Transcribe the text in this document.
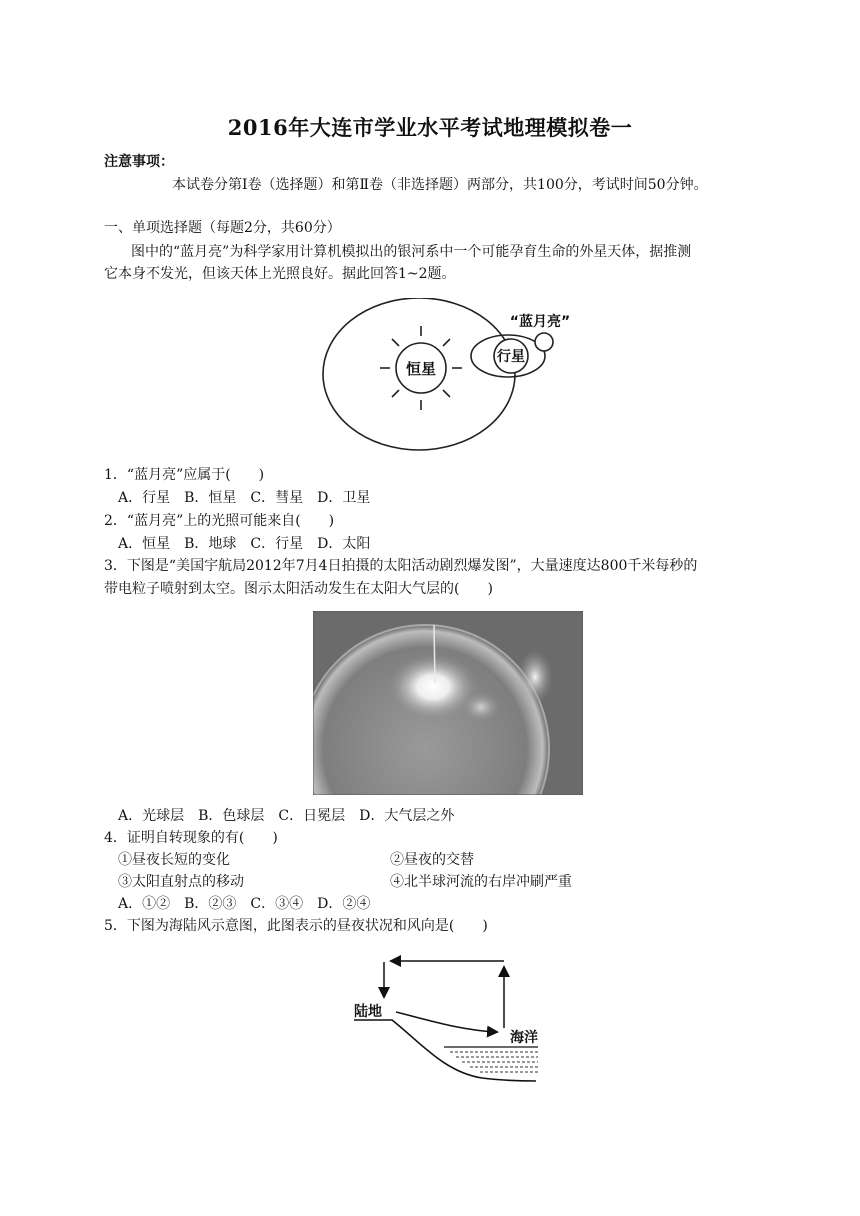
2016年大连市学业水平考试地理模拟卷一
注意事项：
本试卷分第Ⅰ卷（选择题）和第Ⅱ卷（非选择题）两部分，共100分，考试时间50分钟。
一、单项选择题（每题2分，共60分）
图中的“蓝月亮”为科学家用计算机模拟出的银河系中一个可能孕育生命的外星天体，据推测
它本身不发光，但该天体上光照良好。据此回答1~2题。
恒星
行星
“蓝月亮”
1．“蓝月亮”应属于(　　)
A．行星　B．恒星　C．彗星　D．卫星
2．“蓝月亮”上的光照可能来自(　　)
A．恒星　B．地球　C．行星　D．太阳
3．下图是“美国宇航局2012年7月4日拍摄的太阳活动剧烈爆发图”，大量速度达800千米每秒的
带电粒子喷射到太空。图示太阳活动发生在太阳大气层的(　　)
A．光球层　B．色球层　C．日冕层　D．大气层之外
4．证明自转现象的有(　　)
①昼夜长短的变化	②昼夜的交替
③太阳直射点的移动	④北半球河流的右岸冲刷严重
A．①②　B．②③　C．③④　D．②④
5．下图为海陆风示意图，此图表示的昼夜状况和风向是(　　)
陆地
海洋
